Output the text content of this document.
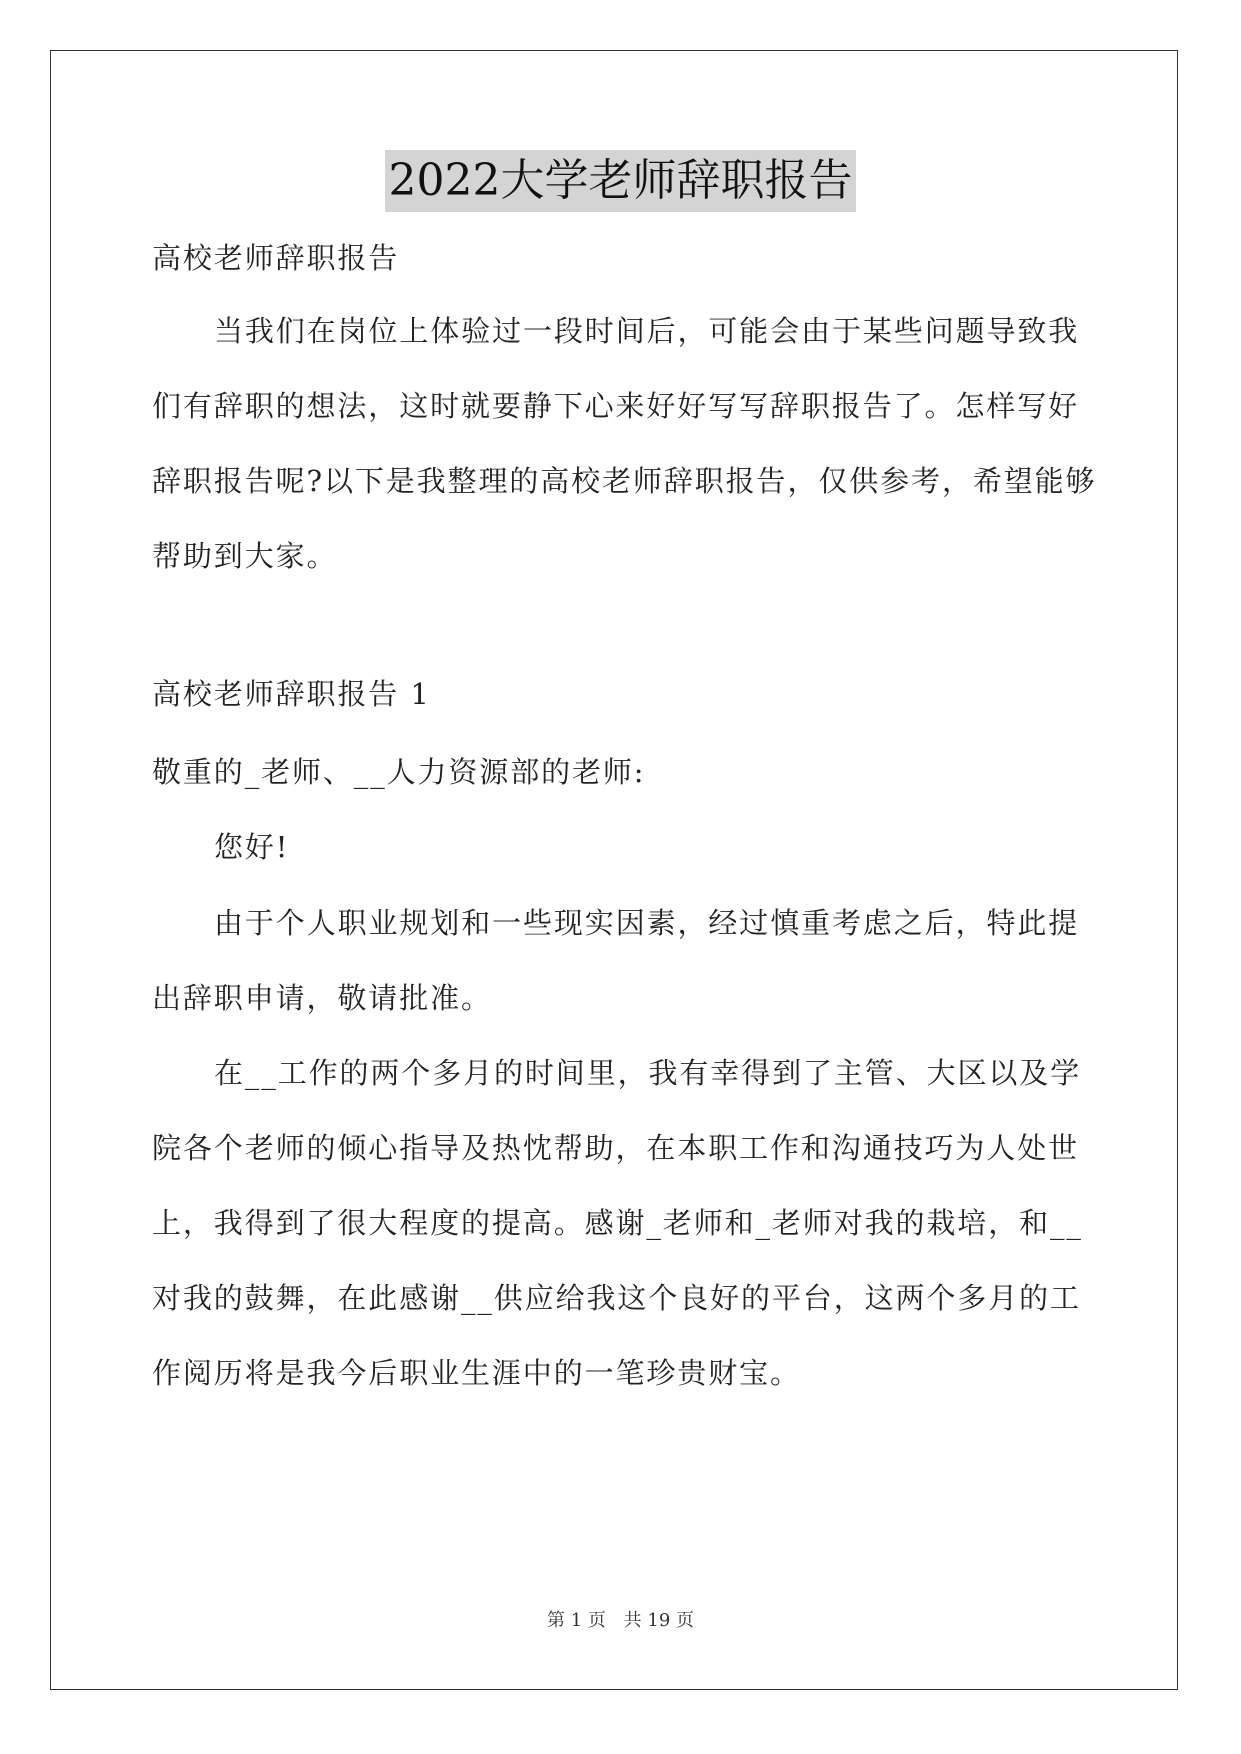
2022大学老师辞职报告
高校老师辞职报告
当我们在岗位上体验过一段时间后，可能会由于某些问题导致我
们有辞职的想法，这时就要静下心来好好写写辞职报告了。怎样写好
辞职报告呢?以下是我整理的高校老师辞职报告，仅供参考，希望能够
帮助到大家。
高校老师辞职报告 1
敬重的_老师、__人力资源部的老师:
您好!
由于个人职业规划和一些现实因素，经过慎重考虑之后，特此提
出辞职申请，敬请批准。
在__工作的两个多月的时间里，我有幸得到了主管、大区以及学
院各个老师的倾心指导及热忱帮助，在本职工作和沟通技巧为人处世
上，我得到了很大程度的提高。感谢_老师和_老师对我的栽培，和__
对我的鼓舞，在此感谢__供应给我这个良好的平台，这两个多月的工
作阅历将是我今后职业生涯中的一笔珍贵财宝。
第 1 页 共 19 页
